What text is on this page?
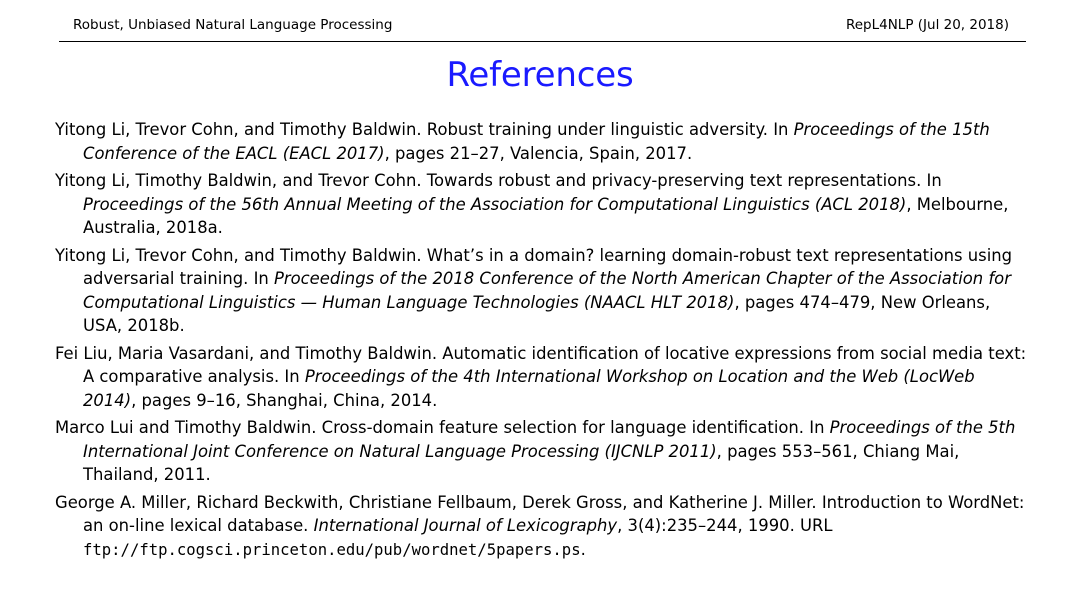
Robust, Unbiased Natural Language Processing	RepL4NLP (Jul 20, 2018)
References
Yitong Li, Trevor Cohn, and Timothy Baldwin. Robust training under linguistic adversity. In Proceedings of the 15th Conference of the EACL (EACL 2017), pages 21–27, Valencia, Spain, 2017.
Yitong Li, Timothy Baldwin, and Trevor Cohn. Towards robust and privacy-preserving text representations. In Proceedings of the 56th Annual Meeting of the Association for Computational Linguistics (ACL 2018), Melbourne, Australia, 2018a.
Yitong Li, Trevor Cohn, and Timothy Baldwin. What’s in a domain? learning domain-robust text representations using adversarial training. In Proceedings of the 2018 Conference of the North American Chapter of the Association for Computational Linguistics — Human Language Technologies (NAACL HLT 2018), pages 474–479, New Orleans, USA, 2018b.
Fei Liu, Maria Vasardani, and Timothy Baldwin. Automatic identification of locative expressions from social media text: A comparative analysis. In Proceedings of the 4th International Workshop on Location and the Web (LocWeb 2014), pages 9–16, Shanghai, China, 2014.
Marco Lui and Timothy Baldwin. Cross-domain feature selection for language identification. In Proceedings of the 5th International Joint Conference on Natural Language Processing (IJCNLP 2011), pages 553–561, Chiang Mai, Thailand, 2011.
George A. Miller, Richard Beckwith, Christiane Fellbaum, Derek Gross, and Katherine J. Miller. Introduction to WordNet: an on-line lexical database. International Journal of Lexicography, 3(4):235–244, 1990. URL ftp://ftp.cogsci.princeton.edu/pub/wordnet/5papers.ps.
